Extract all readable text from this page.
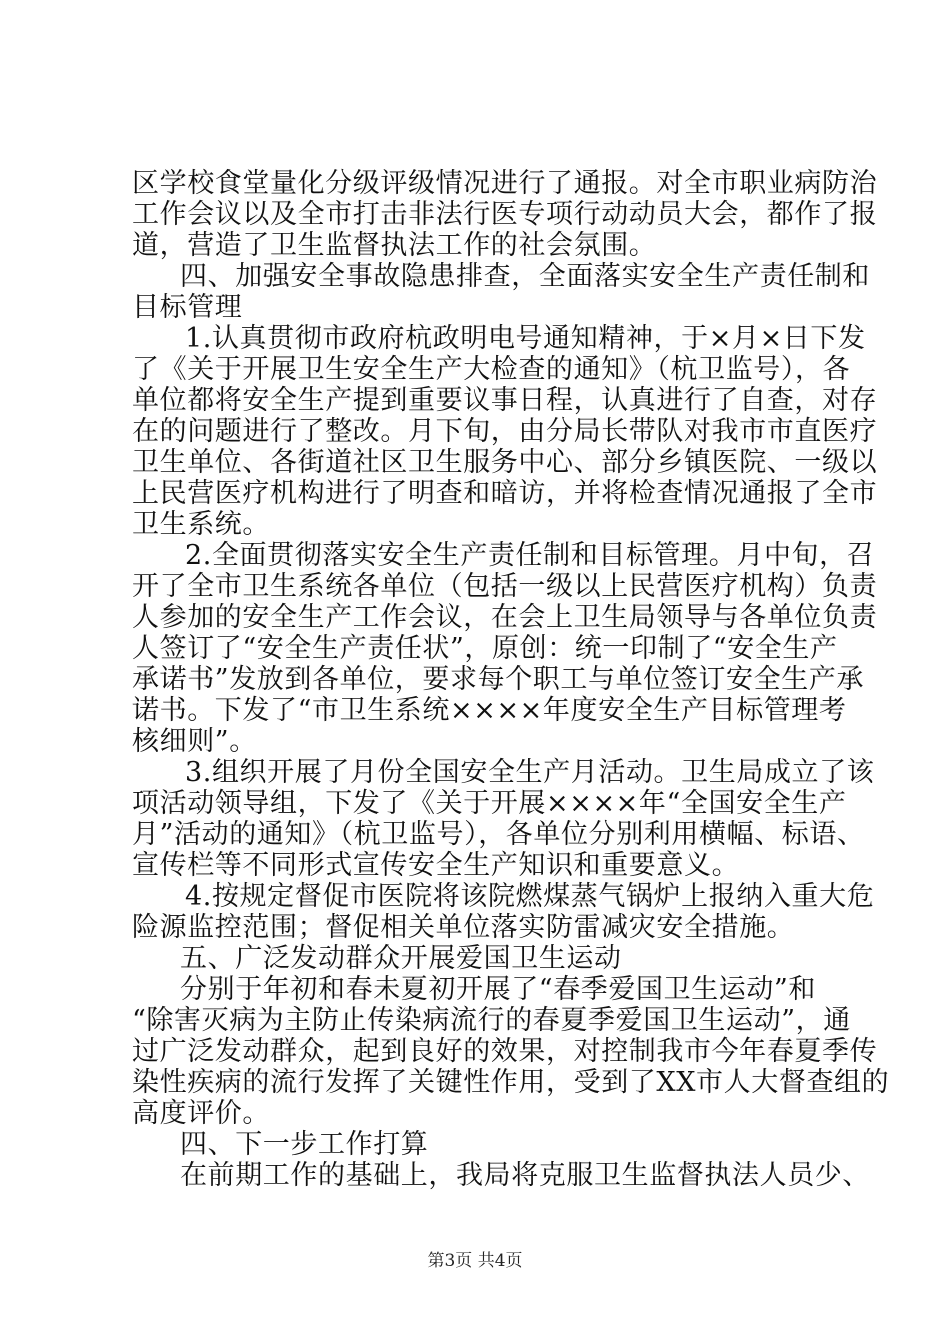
区学校食堂量化分级评级情况进行了通报。对全市职业病防治
工作会议以及全市打击非法行医专项行动动员大会，都作了报
道，营造了卫生监督执法工作的社会氛围。
四、加强安全事故隐患排查，全面落实安全生产责任制和
目标管理
1.认真贯彻市政府杭政明电号通知精神，于×月×日下发
了《关于开展卫生安全生产大检查的通知》（杭卫监号），各
单位都将安全生产提到重要议事日程，认真进行了自查，对存
在的问题进行了整改。月下旬，由分局长带队对我市市直医疗
卫生单位、各街道社区卫生服务中心、部分乡镇医院、一级以
上民营医疗机构进行了明查和暗访，并将检查情况通报了全市
卫生系统。
2.全面贯彻落实安全生产责任制和目标管理。月中旬，召
开了全市卫生系统各单位（包括一级以上民营医疗机构）负责
人参加的安全生产工作会议，在会上卫生局领导与各单位负责
人签订了“安全生产责任状”，原创：统一印制了“安全生产
承诺书”发放到各单位，要求每个职工与单位签订安全生产承
诺书。下发了“市卫生系统××××年度安全生产目标管理考
核细则”。
3.组织开展了月份全国安全生产月活动。卫生局成立了该
项活动领导组，下发了《关于开展××××年“全国安全生产
月”活动的通知》（杭卫监号），各单位分别利用横幅、标语、
宣传栏等不同形式宣传安全生产知识和重要意义。
4.按规定督促市医院将该院燃煤蒸气锅炉上报纳入重大危
险源监控范围；督促相关单位落实防雷减灾安全措施。
五、广泛发动群众开展爱国卫生运动
分别于年初和春未夏初开展了“春季爱国卫生运动”和
“除害灭病为主防止传染病流行的春夏季爱国卫生运动”，通
过广泛发动群众，起到良好的效果，对控制我市今年春夏季传
染性疾病的流行发挥了关键性作用，受到了XX市人大督查组的
高度评价。
四、下一步工作打算
在前期工作的基础上，我局将克服卫生监督执法人员少、
第3页 共4页
